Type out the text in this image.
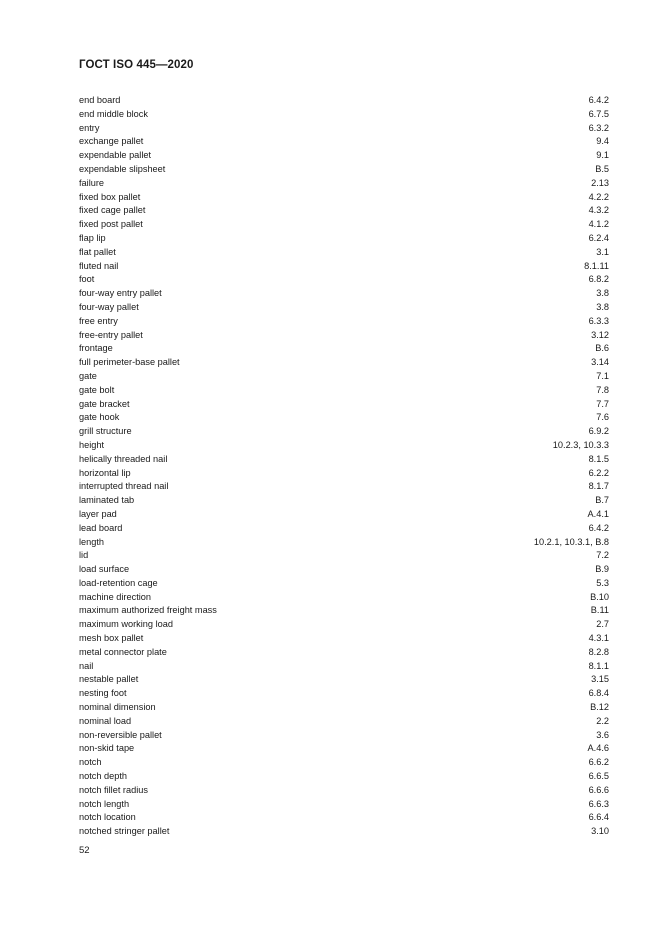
ГОСТ ISO 445—2020
end board	6.4.2
end middle block	6.7.5
entry	6.3.2
exchange pallet	9.4
expendable pallet	9.1
expendable slipsheet	B.5
failure	2.13
fixed box pallet	4.2.2
fixed cage pallet	4.3.2
fixed post pallet	4.1.2
flap lip	6.2.4
flat pallet	3.1
fluted nail	8.1.11
foot	6.8.2
four-way entry pallet	3.8
four-way pallet	3.8
free entry	6.3.3
free-entry pallet	3.12
frontage	B.6
full perimeter-base pallet	3.14
gate	7.1
gate bolt	7.8
gate bracket	7.7
gate hook	7.6
grill structure	6.9.2
height	10.2.3, 10.3.3
helically threaded nail	8.1.5
horizontal lip	6.2.2
interrupted thread nail	8.1.7
laminated tab	B.7
layer pad	A.4.1
lead board	6.4.2
length	10.2.1, 10.3.1, B.8
lid	7.2
load surface	B.9
load-retention cage	5.3
machine direction	B.10
maximum authorized freight mass	B.11
maximum working load	2.7
mesh box pallet	4.3.1
metal connector plate	8.2.8
nail	8.1.1
nestable pallet	3.15
nesting foot	6.8.4
nominal dimension	B.12
nominal load	2.2
non-reversible pallet	3.6
non-skid tape	A.4.6
notch	6.6.2
notch depth	6.6.5
notch fillet radius	6.6.6
notch length	6.6.3
notch location	6.6.4
notched stringer pallet	3.10
52
